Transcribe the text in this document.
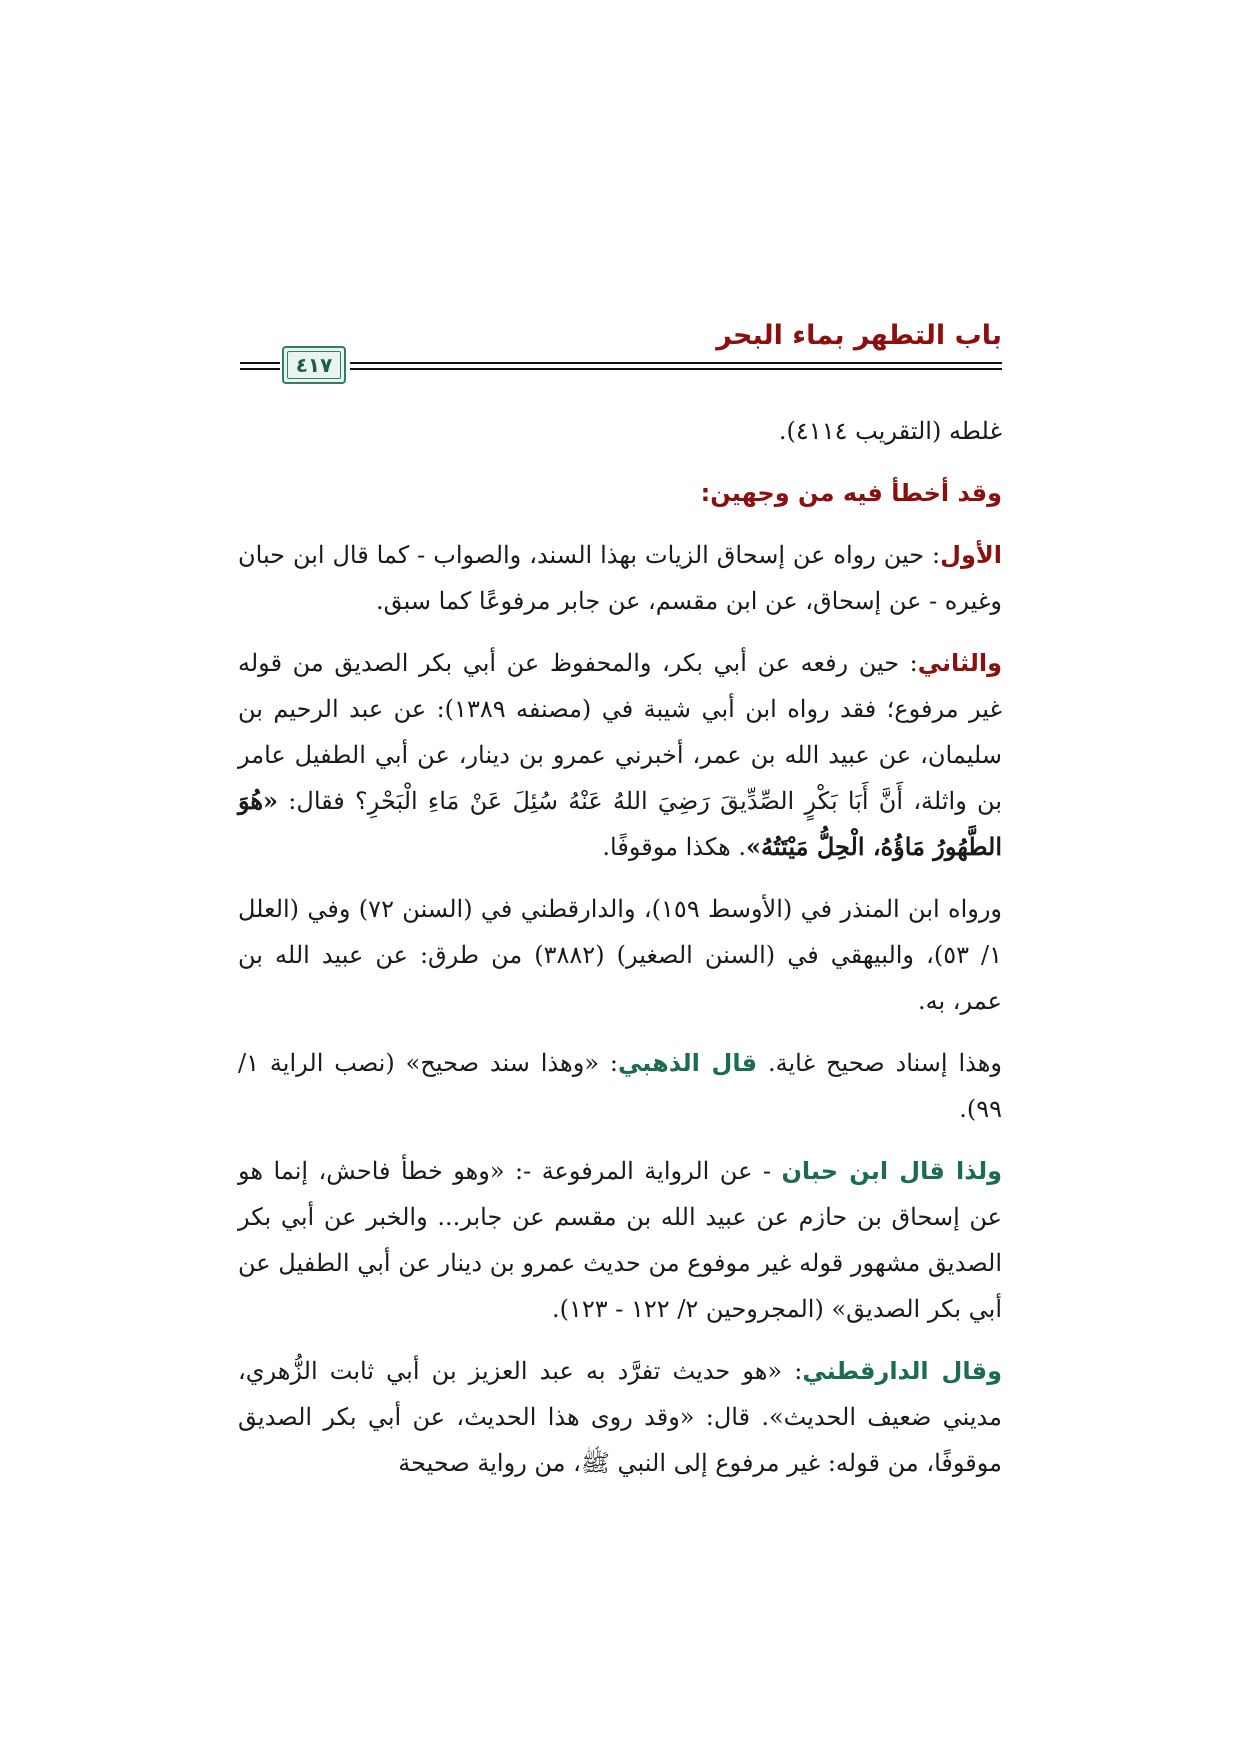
باب التطهر بماء البحر
٤١٧

غلطه (التقريب ٤١١٤).

وقد أخطأ فيه من وجهين:

الأول: حين رواه عن إسحاق الزيات بهذا السند، والصواب - كما قال ابن حبان وغيره - عن إسحاق، عن ابن مقسم، عن جابر مرفوعًا كما سبق.

والثاني: حين رفعه عن أبي بكر، والمحفوظ عن أبي بكر الصديق من قوله غير مرفوع؛ فقد رواه ابن أبي شيبة في (مصنفه ١٣٨٩): عن عبد الرحيم بن سليمان، عن عبيد الله بن عمر، أخبرني عمرو بن دينار، عن أبي الطفيل عامر بن واثلة، أَنَّ أَبَا بَكْرٍ الصِّدِّيقَ رَضِيَ اللهُ عَنْهُ سُئِلَ عَنْ مَاءِ الْبَحْرِ؟ فقال: «هُوَ الطَّهُورُ مَاؤُهُ، الْحِلُّ مَيْتَتُهُ». هكذا موقوفًا.

ورواه ابن المنذر في (الأوسط ١٥٩)، والدارقطني في (السنن ٧٢) وفي (العلل ١/ ٥٣)، والبيهقي في (السنن الصغير) (٣٨٨٢) من طرق: عن عبيد الله بن عمر، به.

وهذا إسناد صحيح غاية. قال الذهبي: «وهذا سند صحيح» (نصب الراية ١/ ٩٩).

ولذا قال ابن حبان - عن الرواية المرفوعة -: «وهو خطأ فاحش، إنما هو عن إسحاق بن حازم عن عبيد الله بن مقسم عن جابر... والخبر عن أبي بكر الصديق مشهور قوله غير موفوع من حديث عمرو بن دينار عن أبي الطفيل عن أبي بكر الصديق» (المجروحين ٢/ ١٢٢ - ١٢٣).

وقال الدارقطني: «هو حديث تفرَّد به عبد العزيز بن أبي ثابت الزُّهري، مديني ضعيف الحديث». قال: «وقد روى هذا الحديث، عن أبي بكر الصديق موقوفًا، من قوله: غير مرفوع إلى النبي ﷺ، من رواية صحيحة
